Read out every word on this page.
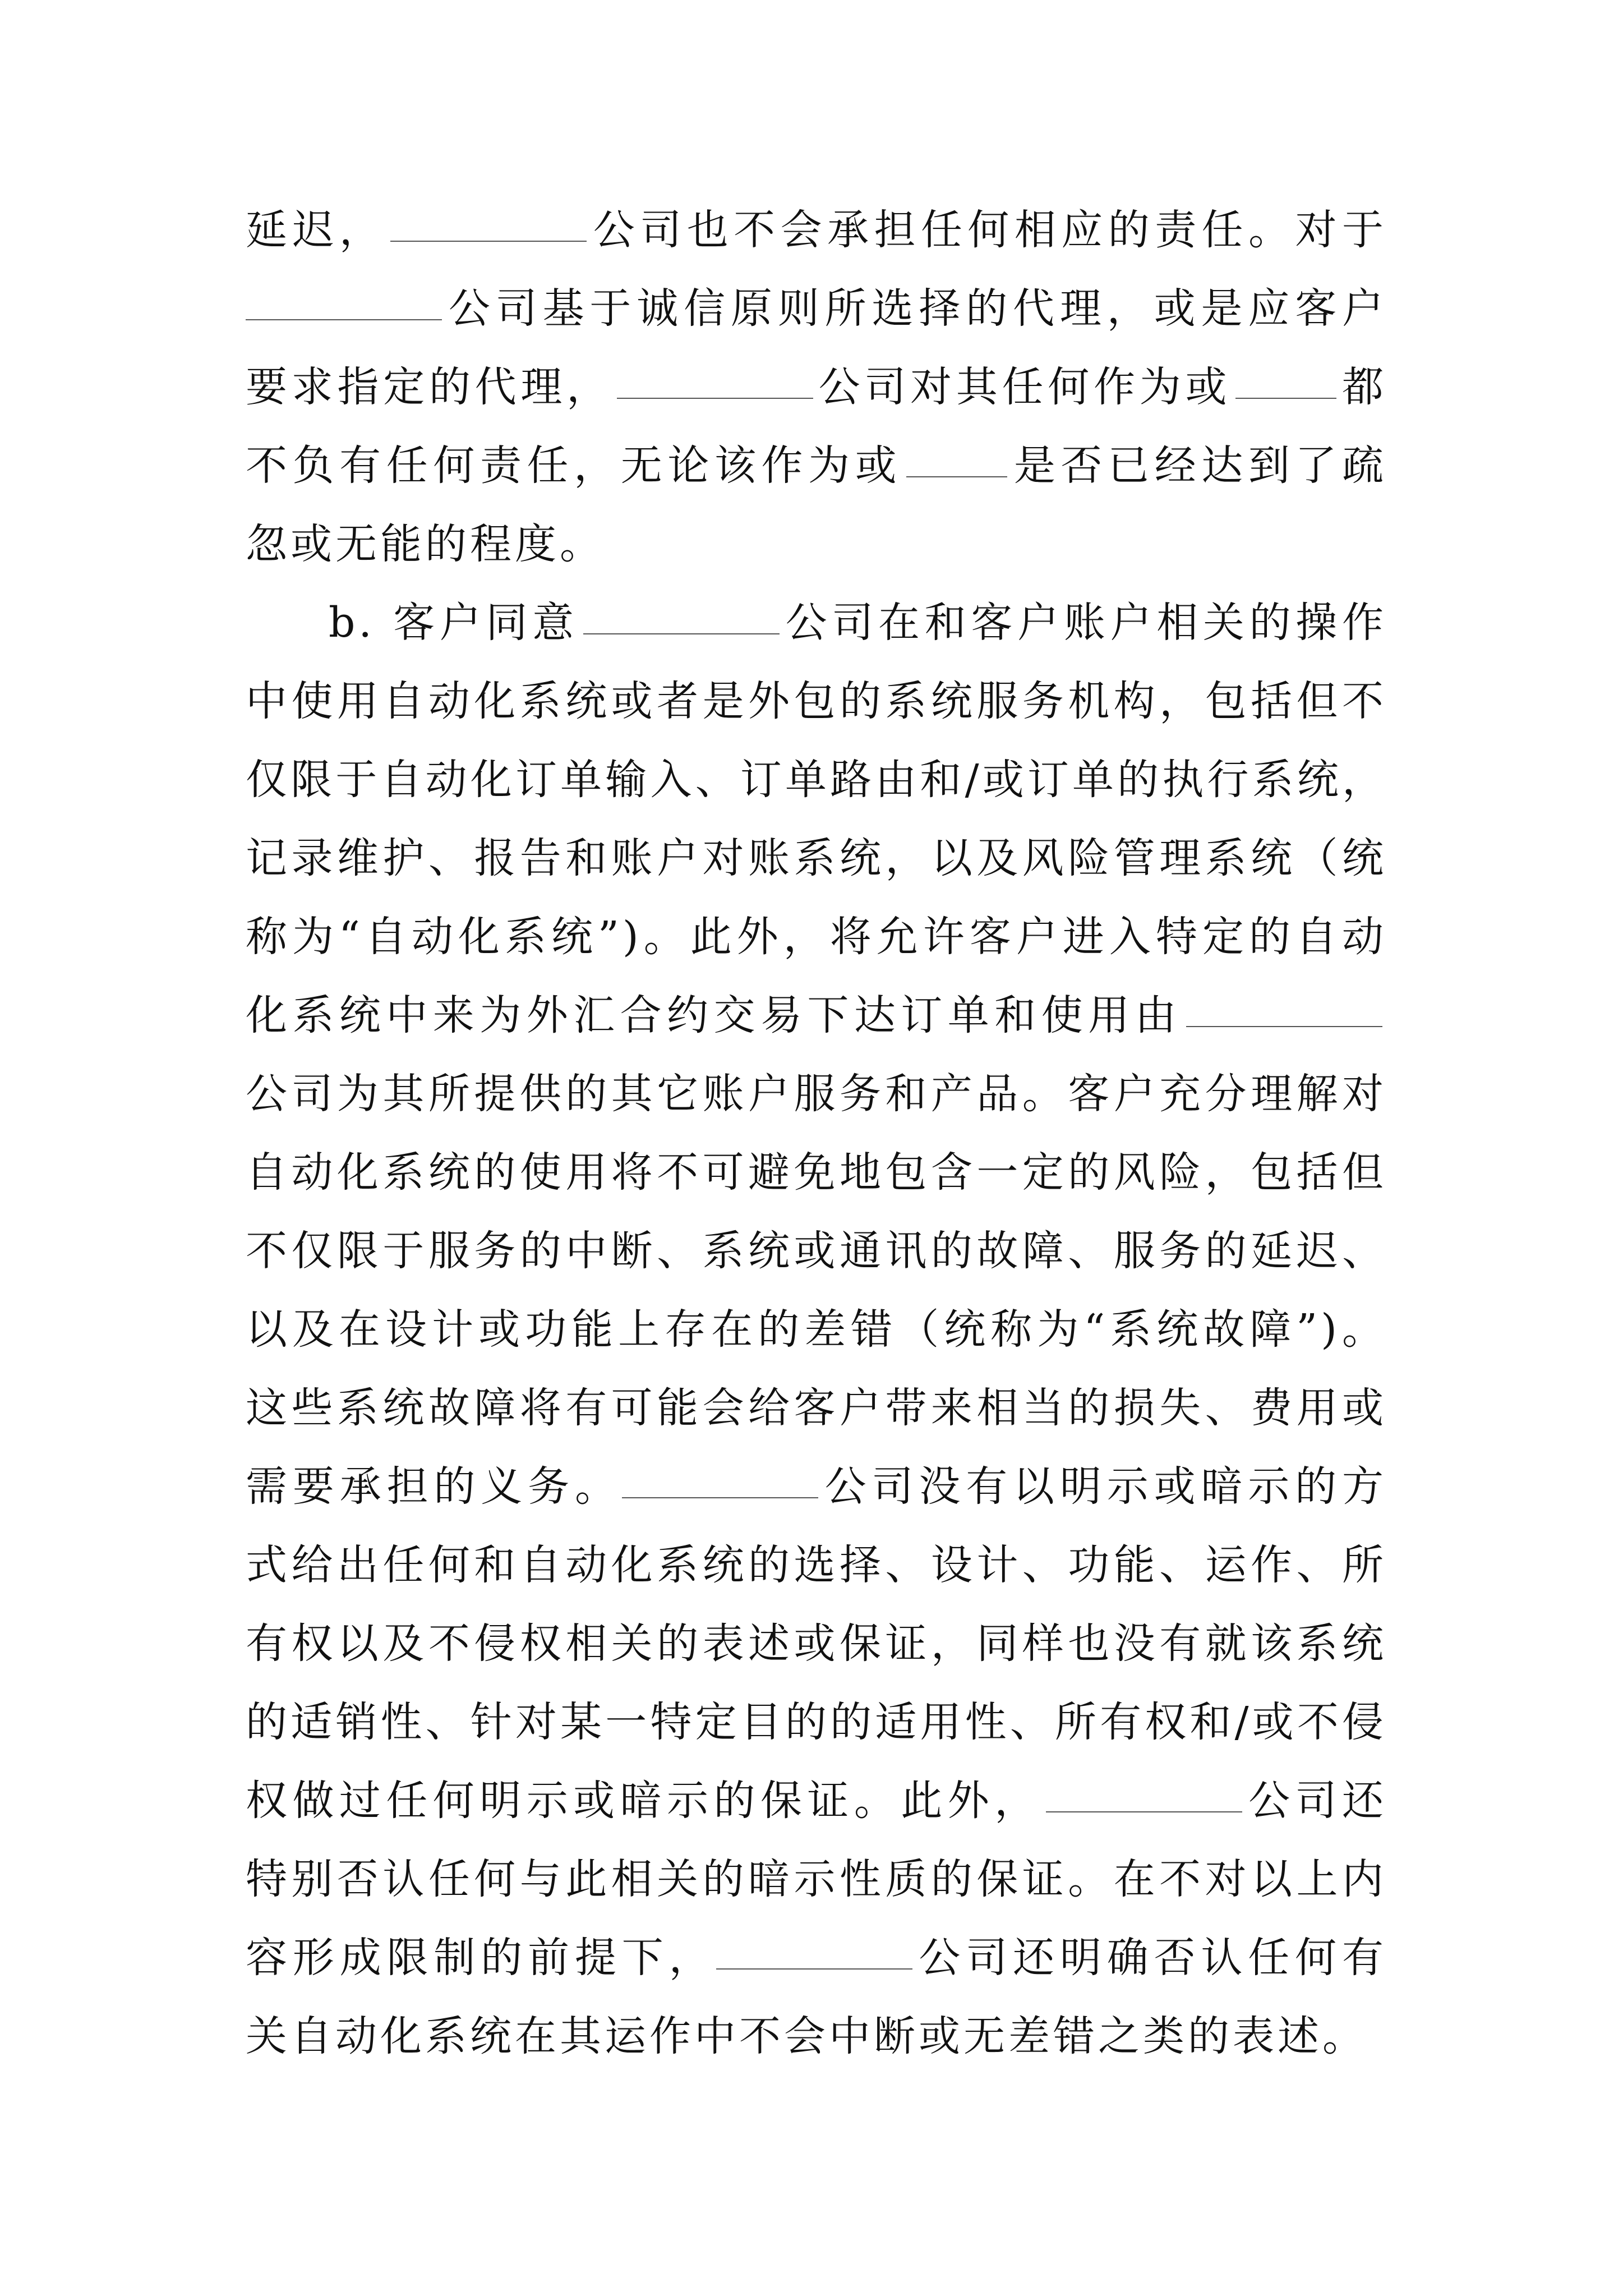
延迟，	公司也不会承担任何相应的责任。对于公司基于诚信原则所选择的代理，或是应客户要求指定的代理，	公司对其任何作为或	都不负有任何责任，无论该作为或	是否已经达到了疏忽或无能的程度。

b. 客户同意	公司在和客户账户相关的操作中使用自动化系统或者是外包的系统服务机构，包括但不仅限于自动化订单输入、订单路由和/或订单的执行系统，记录维护、报告和账户对账系统，以及风险管理系统（统称为“自动化系统”)。此外，将允许客户进入特定的自动化系统中来为外汇合约交易下达订单和使用由公司为其所提供的其它账户服务和产品。客户充分理解对自动化系统的使用将不可避免地包含一定的风险，包括但不仅限于服务的中断、系统或通讯的故障、服务的延迟、以及在设计或功能上存在的差错（统称为“系统故障”)。这些系统故障将有可能会给客户带来相当的损失、费用或需要承担的义务。	公司没有以明示或暗示的方式给出任何和自动化系统的选择、设计、功能、运作、所有权以及不侵权相关的表述或保证，同样也没有就该系统的适销性、针对某一特定目的的适用性、所有权和/或不侵权做过任何明示或暗示的保证。此外，	公司还特别否认任何与此相关的暗示性质的保证。在不对以上内容形成限制的前提下，	公司还明确否认任何有关自动化系统在其运作中不会中断或无差错之类的表述。
